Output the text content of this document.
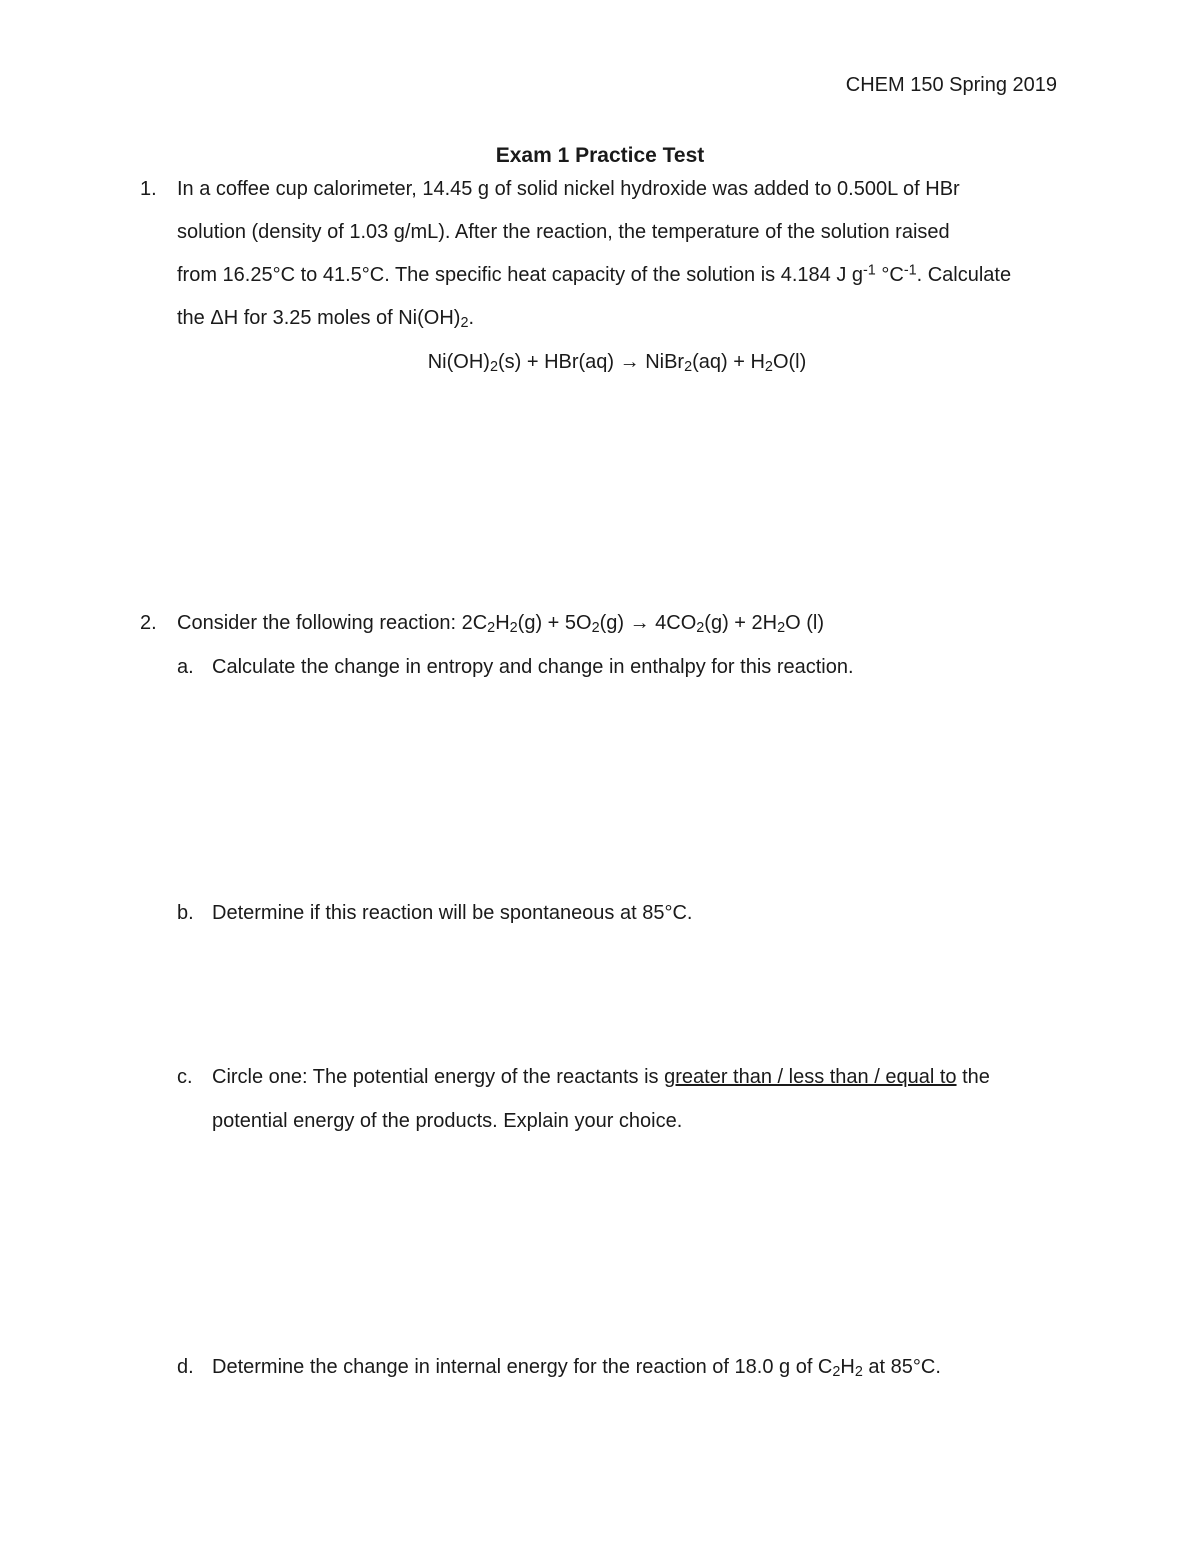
CHEM 150 Spring 2019
Exam 1 Practice Test
1. In a coffee cup calorimeter, 14.45 g of solid nickel hydroxide was added to 0.500L of HBr
solution (density of 1.03 g/mL). After the reaction, the temperature of the solution raised
from 16.25°C to 41.5°C. The specific heat capacity of the solution is 4.184 J $g^{-1}$ $^\circ C^{-1}$. Calculate
the ΔH for 3.25 moles of $Ni(OH)_2$.
$Ni(OH)_2(s) + HBr(aq)$ → NiBr$_2$(aq) + $H_2O(l)$
2. Consider the following reaction: $2C_2H_2(g) + 5O_2(g) \to 4CO_2(g) + 2H_2O$ (l)
a. Calculate the change in entropy and change in enthalpy for this reaction.
b. Determine if this reaction will be spontaneous at 85°C.
c. Circle one: The potential energy of the reactants is greater than / less than / equal to the
potential energy of the products. Explain your choice.
d. Determine the change in internal energy for the reaction of 18.0 g of $C_2H_2$ at 85°C.
